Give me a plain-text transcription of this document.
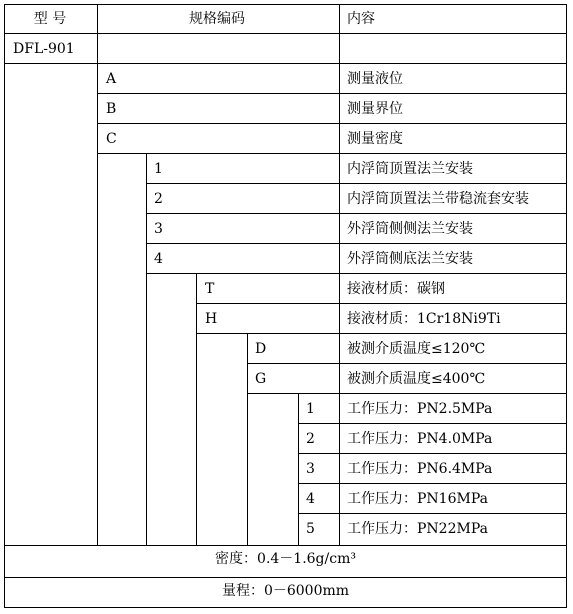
型 号	规格编码	内容
DFL-901
A	测量液位
B	测量界位
C	测量密度
1	内浮筒顶置法兰安装
2	内浮筒顶置法兰带稳流套安装
3	外浮筒侧侧法兰安装
4	外浮筒侧底法兰安装
T	接液材质：碳钢
H	接液材质：1Cr18Ni9Ti
D	被测介质温度≤120℃
G	被测介质温度≤400℃
1 工作压力：PN2.5MPa
2 工作压力：PN4.0MPa
3 工作压力：PN6.4MPa
4 工作压力：PN16MPa
5 工作压力：PN22MPa
密度：0.4－1.6g/cm³
量程：0－6000mm
